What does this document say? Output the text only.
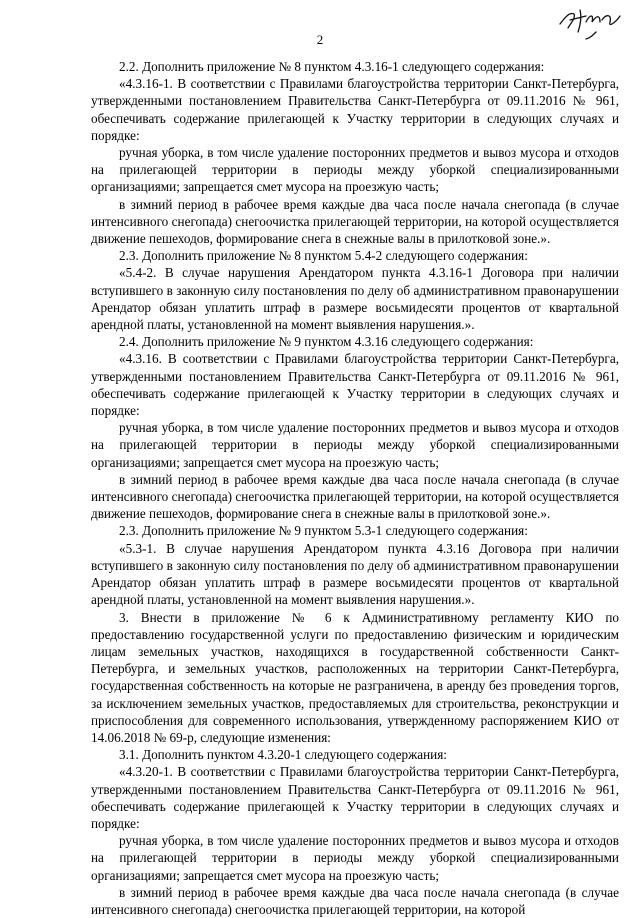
2

2.2. Дополнить приложение № 8 пунктом 4.3.16-1 следующего содержания:

«4.3.16-1. В соответствии с Правилами благоустройства территории Санкт-Петербурга, утвержденными постановлением Правительства Санкт-Петербурга от 09.11.2016 № 961, обеспечивать содержание прилегающей к Участку территории в следующих случаях и порядке:

ручная уборка, в том числе удаление посторонних предметов и вывоз мусора и отходов на прилегающей территории в периоды между уборкой специализированными организациями; запрещается смет мусора на проезжую часть;

в зимний период в рабочее время каждые два часа после начала снегопада (в случае интенсивного снегопада) снегоочистка прилегающей территории, на которой осуществляется движение пешеходов, формирование снега в снежные валы в прилотковой зоне.».

2.3. Дополнить приложение № 8 пунктом 5.4-2 следующего содержания:

«5.4-2. В случае нарушения Арендатором пункта 4.3.16-1 Договора при наличии вступившего в законную силу постановления по делу об административном правонарушении Арендатор обязан уплатить штраф в размере восьмидесяти процентов от квартальной арендной платы, установленной на момент выявления нарушения.».

2.4. Дополнить приложение № 9 пунктом 4.3.16 следующего содержания:

«4.3.16. В соответствии с Правилами благоустройства территории Санкт-Петербурга, утвержденными постановлением Правительства Санкт-Петербурга от 09.11.2016 № 961, обеспечивать содержание прилегающей к Участку территории в следующих случаях и порядке:

ручная уборка, в том числе удаление посторонних предметов и вывоз мусора и отходов на прилегающей территории в периоды между уборкой специализированными организациями; запрещается смет мусора на проезжую часть;

в зимний период в рабочее время каждые два часа после начала снегопада (в случае интенсивного снегопада) снегоочистка прилегающей территории, на которой осуществляется движение пешеходов, формирование снега в снежные валы в прилотковой зоне.».

2.3. Дополнить приложение № 9 пунктом 5.3-1 следующего содержания:

«5.3-1. В случае нарушения Арендатором пункта 4.3.16 Договора при наличии вступившего в законную силу постановления по делу об административном правонарушении Арендатор обязан уплатить штраф в размере восьмидесяти процентов от квартальной арендной платы, установленной на момент выявления нарушения.».

3. Внести в приложение № 6 к Административному регламенту КИО по предоставлению государственной услуги по предоставлению физическим и юридическим лицам земельных участков, находящихся в государственной собственности Санкт-Петербурга, и земельных участков, расположенных на территории Санкт-Петербурга, государственная собственность на которые не разграничена, в аренду без проведения торгов, за исключением земельных участков, предоставляемых для строительства, реконструкции и приспособления для современного использования, утвержденному распоряжением КИО от 14.06.2018 № 69-р, следующие изменения:

3.1. Дополнить пунктом 4.3.20-1 следующего содержания:

«4.3.20-1. В соответствии с Правилами благоустройства территории Санкт-Петербурга, утвержденными постановлением Правительства Санкт-Петербурга от 09.11.2016 № 961, обеспечивать содержание прилегающей к Участку территории в следующих случаях и порядке:

ручная уборка, в том числе удаление посторонних предметов и вывоз мусора и отходов на прилегающей территории в периоды между уборкой специализированными организациями; запрещается смет мусора на проезжую часть;

в зимний период в рабочее время каждые два часа после начала снегопада (в случае интенсивного снегопада) снегоочистка прилегающей территории, на которой
